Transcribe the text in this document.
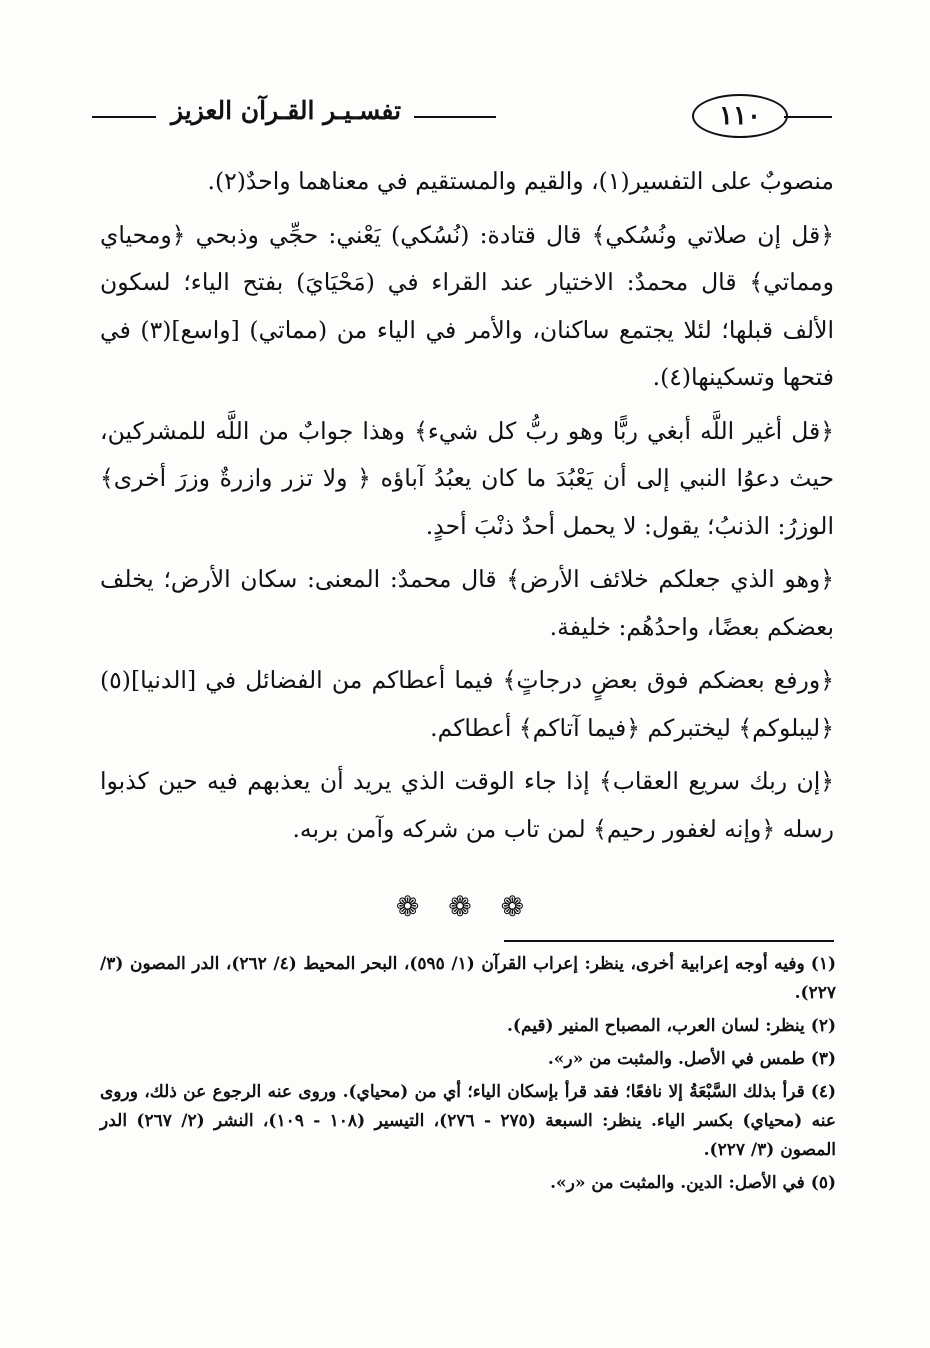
١١٠
تفسـيـر القـرآن العزيز

منصوبٌ على التفسير(١)، والقيم والمستقيم في معناهما واحدٌ(٢).

﴿قل إن صلاتي ونُسُكي﴾ قال قتادة: (نُسُكي) يَعْني: حجِّي وذبحي ﴿ومحياي ومماتي﴾ قال محمدٌ: الاختيار عند القراء في (مَحْيَايَ) بفتح الياء؛ لسكون الألف قبلها؛ لئلا يجتمع ساكنان، والأمر في الياء من (مماتي) [واسع](٣) في فتحها وتسكينها(٤).

﴿قل أغير اللَّه أبغي ربًّا وهو ربُّ كل شيء﴾ وهذا جوابٌ من اللَّه للمشركين، حيث دعوُا النبي إلى أن يَعْبُدَ ما كان يعبُدُ آباؤه ﴿ ولا تزر وازرةٌ وزرَ أخرى﴾ الوزرُ: الذنبُ؛ يقول: لا يحمل أحدٌ ذنْبَ أحدٍ.

﴿وهو الذي جعلكم خلائف الأرض﴾ قال محمدٌ: المعنى: سكان الأرض؛ يخلف بعضكم بعضًا، واحدُهُم: خليفة.

﴿ورفع بعضكم فوق بعضٍ درجاتٍ﴾ فيما أعطاكم من الفضائل في [الدنيا](٥) ﴿ليبلوكم﴾ ليختبركم ﴿فيما آتاكم﴾ أعطاكم.

﴿إن ربك سريع العقاب﴾ إذا جاء الوقت الذي يريد أن يعذبهم فيه حين كذبوا رسله ﴿وإنه لغفور رحيم﴾ لمن تاب من شركه وآمن بربه.

❁ ❁ ❁

(١)وفيه أوجه إعرابية أخرى، ينظر: إعراب القرآن (١/ ٥٩٥)، البحر المحيط (٤/ ٢٦٢)، الدر المصون (٣/ ٢٢٧).

(٢)ينظر: لسان العرب، المصباح المنير (قيم).

(٣)طمس في الأصل. والمثبت من «ر».

(٤)قرأ بذلك السَّبْعَةُ إلا نافعًا؛ فقد قرأ بإسكان الياء؛ أي من (محياي). وروى عنه الرجوع عن ذلك، وروى عنه (محياي) بكسر الياء. ينظر: السبعة (٢٧٥ - ٢٧٦)، التيسير (١٠٨ - ١٠٩)، النشر (٢/ ٢٦٧) الدر المصون (٣/ ٢٢٧).

(٥)في الأصل: الدين. والمثبت من «ر».
